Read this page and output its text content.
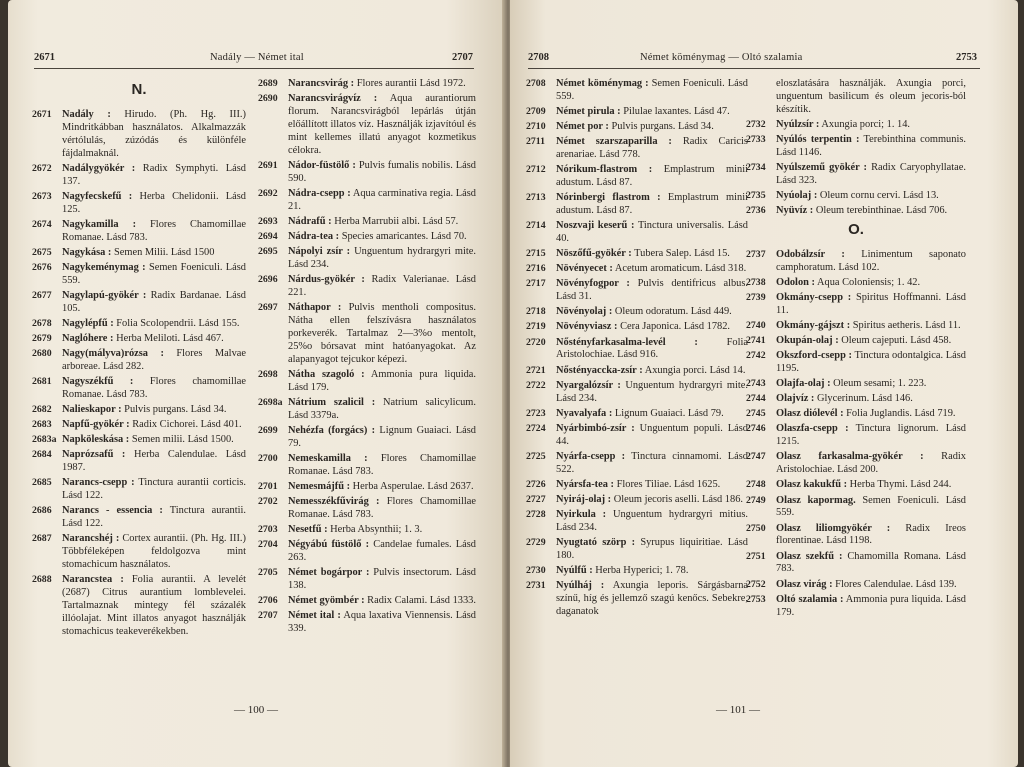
2671	Nadály — Német ital	2707
N.
2671	Nadály : Hirudo. (Ph. Hg. III.) Mindritkábban használatos. Alkalmazzák vértólulás, zúzódás és különféle fájdalmaknál.
2672	Nadálygyökér : Radix Symphyti. Lásd 137.
2673	Nagyfecskefű : Herba Chelidonii. Lásd 125.
2674	Nagykamilla : Flores Chamomillae Romanae. Lásd 783.
2675	Nagykása : Semen Milii. Lásd 1500
2676	Nagykeménymag : Semen Foeniculi. Lásd 559.
2677	Nagylapú-gyökér : Radix Bardanae. Lásd 105.
2678	Nagylépfű : Folia Scolopendrii. Lásd 155.
2679	Naglóhere : Herba Meliloti. Lásd 467.
2680	Nagy(mályva)rózsa : Flores Malvae arboreae. Lásd 282.
2681	Nagyszékfű : Flores chamomillae Romanae. Lásd 783.
2682	Nalieskapor : Pulvis purgans. Lásd 34.
2683	Napfű-gyökér : Radix Cichorei. Lásd 401.
2683a Napköleskása : Semen milii. Lásd 1500.
2684	Naprózsafű : Herba Calendulae. Lásd 1987.
2685	Narancs-csepp : Tinctura aurantii corticis. Lásd 122.
2686	Narancs - essencia : Tinctura aurantii. Lásd 122.
2687	Narancshéj : Cortex aurantii. (Ph. Hg. III.) Többféleképen feldolgozva mint stomachicum használatos.
2688	Narancstea : Folia aurantii. A levelét (2687) Citrus aurantium lomblevelei. Tartalmaznak mintegy fél százalék illóolajat. Mint illatos anyagot használják stomachicus teakeverékekben.
2689	Narancsvirág : Flores aurantii Lásd 1972.
2690	Narancsvirágvíz : Aqua aurantiorum florum. Narancsvirágból lepárlás útján előállított illatos víz. Használják izjavítóul és mint kellemes illatú anyagot kozmetikus célokra.
2691	Nádor-füstölő : Pulvis fumalis nobilis. Lásd 590.
2692	Nádra-csepp : Aqua carminativa regia. Lásd 21.
2693	Nádrafű : Herba Marrubii albi. Lásd 57.
2694	Nádra-tea : Species amaricantes. Lásd 70.
2695	Nápolyi zsír : Unguentum hydrargyri mite. Lásd 234.
2696	Nárdus-gyökér : Radix Valerianae. Lásd 221.
2697	Náthapor : Pulvis mentholi compositus. Nátha ellen felszívásra használatos porkeverék. Tartalmaz 2—3%o mentolt, 25%o bórsavat mint hatóanyagokat. Az alapanyagot tejcukor képezi.
2698	Nátha szagoló : Ammonia pura liquida. Lásd 179.
2698a Nátrium szalicil : Natrium salicylicum. Lásd 3379a.
2699	Nehézfa (forgács) : Lignum Guaiaci. Lásd 79.
2700	Nemeskamilla : Flores Chamomillae Romanae. Lásd 783.
2701	Nemesmájfű : Herba Asperulae. Lásd 2637.
2702	Nemesszékfűvirág : Flores Chamomillae Romanae. Lásd 783.
2703	Nesetfű : Herba Absynthii; 1. 3.
2704	Négyábú füstölő : Candelae fumales. Lásd 263.
2705	Német bogárpor : Pulvis insectorum. Lásd 138.
2706	Német gyömbér : Radix Calami. Lásd 1333.
2707	Német ital : Aqua laxativa Viennensis. Lásd 339.
— 100 —
2708	Német köménymag — Oltó szalamia	2753
2708	Német köménymag : Semen Foeniculi. Lásd 559.
2709	Német pirula : Pilulae laxantes. Lásd 47.
2710	Német por : Pulvis purgans. Lásd 34.
2711	Német szarszaparilla : Radix Caricis arenariae. Lásd 778.
2712	Nórikum-flastrom : Emplastrum minii adustum. Lásd 87.
2713	Nórinbergi flastrom : Emplastrum minii adustum. Lásd 87.
2714	Noszvaji keserű : Tinctura universalis. Lásd 40.
2715	Nöszőfű-gyökér : Tubera Salep. Lásd 15.
2716	Növényecet : Acetum aromaticum. Lásd 318.
2717	Növényfogpor : Pulvis dentifricus albus. Lásd 31.
2718	Növényolaj : Oleum odoratum. Lásd 449.
2719	Növényviasz : Cera Japonica. Lásd 1782.
2720	Nőstényfarkasalma-levél :	Folia Aristolochiae. Lásd 916.
2721	Nőstényaccka-zsír : Axungia porci. Lásd 14.
2722	Nyargalózsír : Unguentum hydrargyri mite. Lásd 234.
2723	Nyavalyafa : Lignum Guaiaci. Lásd 79.
2724	Nyárbimbó-zsír : Unguentum populi. Lásd 44.
2725	Nyárfa-csepp : Tinctura cinnamomi. Lásd 522.
2726	Nyársfa-tea : Flores Tiliae. Lásd 1625.
2727	Nyiráj-olaj : Oleum jecoris aselli. Lásd 186.
2728	Nyirkula : Unguentum hydrargyri mitius. Lásd 234.
2729	Nyugtató szörp : Syrupus liquiritiae. Lásd 180.
2730	Nyúlfű : Herba Hyperici; 1. 78.
2731	Nyúlháj : Axungia leporis. Sárgásbarna színű, híg és jellemző szagú kenőcs. Sebekre, daganatok
eloszlatására használják. Axungia porci, unguentum basilicum és oleum jecoris-ból készítik.
2732	Nyúlzsír : Axungia porci; 1. 14.
2733	Nyúlós terpentin : Terebinthina communis. Lásd 1146.
2734	Nyúlszemű gyökér : Radix Caryophyllatae. Lásd 323.
2735	Nyúolaj : Oleum cornu cervi. Lásd 13.
2736	Nyüvíz : Oleum terebinthinae. Lásd 706.
O.
2737	Odobálzsír : Linimentum saponato camphoratum. Lásd 102.
2738	Odolon : Aqua Coloniensis; 1. 42.
2739	Okmány-csepp : Spiritus Hoffmanni. Lásd 11.
2740	Okmány-gájszt : Spiritus aetheris. Lásd 11.
2741	Okupán-olaj : Oleum cajeputi. Lásd 458.
2742	Okszford-csepp : Tinctura odontalgica. Lásd 1195.
2743	Olajfa-olaj : Oleum sesami; 1. 223.
2744	Olajvíz : Glycerinum. Lásd 146.
2745	Olasz diólevél : Folia Juglandis. Lásd 719.
2746	Olaszfa-csepp : Tinctura lignorum. Lásd 1215.
2747	Olasz farkasalma-gyökér : Radix Aristolochiae. Lásd 200.
2748	Olasz kakukfű : Herba Thymi. Lásd 244.
2749	Olasz kapormag. Semen Foeniculi. Lásd 559.
2750	Olasz liliomgyökér : Radix Ireos florentinae. Lásd 1198.
2751	Olasz szekfű : Chamomilla Romana. Lásd 783.
2752	Olasz virág : Flores Calendulae. Lásd 139.
2753	Oltó szalamia : Ammonia pura liquida. Lásd 179.
— 101 —
